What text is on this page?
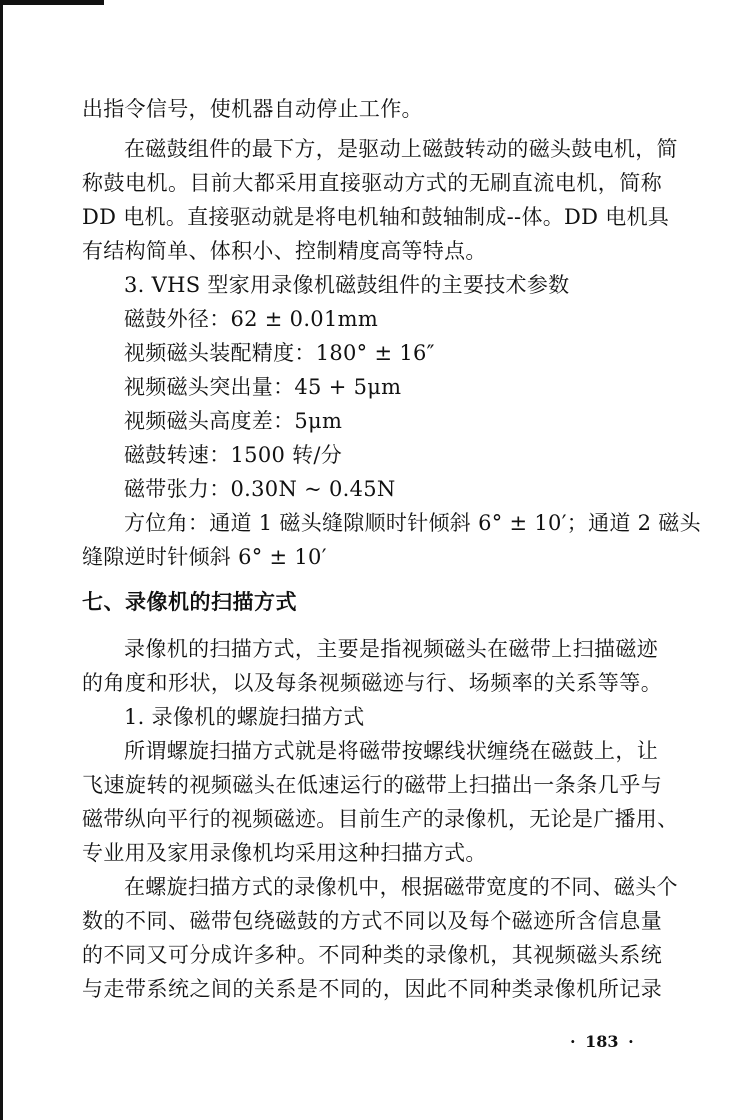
出指令信号，使机器自动停止工作。
在磁鼓组件的最下方，是驱动上磁鼓转动的磁头鼓电机，简
称鼓电机。目前大都采用直接驱动方式的无刷直流电机，简称
DD 电机。直接驱动就是将电机轴和鼓轴制成--体。DD 电机具
有结构简单、体积小、控制精度高等特点。
3. VHS 型家用录像机磁鼓组件的主要技术参数
磁鼓外径：62 ± 0.01mm
视频磁头装配精度：180° ± 16″
视频磁头突出量：45 + 5μm
视频磁头高度差：5μm
磁鼓转速：1500 转/分
磁带张力：0.30N ~ 0.45N
方位角：通道 1 磁头缝隙顺时针倾斜 6° ± 10′；通道 2 磁头
缝隙逆时针倾斜 6° ± 10′
七、录像机的扫描方式
录像机的扫描方式，主要是指视频磁头在磁带上扫描磁迹
的角度和形状，以及每条视频磁迹与行、场频率的关系等等。
1. 录像机的螺旋扫描方式
所谓螺旋扫描方式就是将磁带按螺线状缠绕在磁鼓上，让
飞速旋转的视频磁头在低速运行的磁带上扫描出一条条几乎与
磁带纵向平行的视频磁迹。目前生产的录像机，无论是广播用、
专业用及家用录像机均采用这种扫描方式。
在螺旋扫描方式的录像机中，根据磁带宽度的不同、磁头个
数的不同、磁带包绕磁鼓的方式不同以及每个磁迹所含信息量
的不同又可分成许多种。不同种类的录像机，其视频磁头系统
与走带系统之间的关系是不同的，因此不同种类录像机所记录
· 183 ·
